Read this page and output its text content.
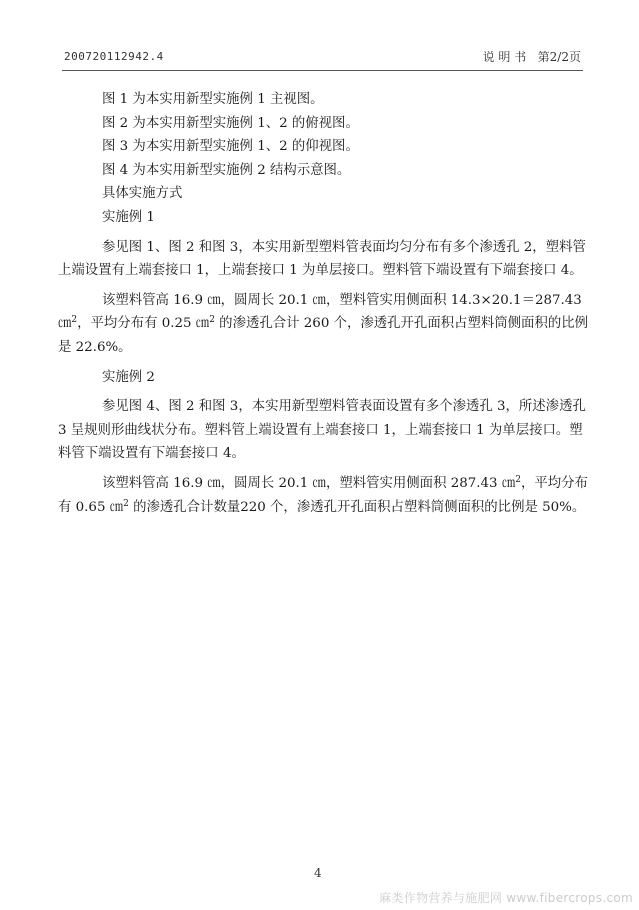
200720112942.4	说 明 书 第2/2页

图 1 为本实用新型实施例 1 主视图。

图 2 为本实用新型实施例 1、2 的俯视图。

图 3 为本实用新型实施例 1、2 的仰视图。

图 4 为本实用新型实施例 2 结构示意图。

具体实施方式

实施例 1

参见图 1、图 2 和图 3，本实用新型塑料管表面均匀分布有多个渗透孔 2，塑料管上端设置有上端套接口 1，上端套接口 1 为单层接口。塑料管下端设置有下端套接口 4。

该塑料管高 16.9 ㎝，圆周长 20.1 ㎝，塑料管实用侧面积 14.3×20.1＝287.43 ㎝$^2$，平均分布有 0.25 ㎝$^2$ 的渗透孔合计 260 个，渗透孔开孔面积占塑料筒侧面积的比例是 22.6%。

实施例 2

参见图 4、图 2 和图 3，本实用新型塑料管表面设置有多个渗透孔 3，所述渗透孔 3 呈规则形曲线状分布。塑料管上端设置有上端套接口 1，上端套接口 1 为单层接口。塑料管下端设置有下端套接口 4。

该塑料管高 16.9 ㎝，圆周长 20.1 ㎝，塑料管实用侧面积 287.43 ㎝$^2$，平均分布有 0.65 ㎝$^2$ 的渗透孔合计数量220 个，渗透孔开孔面积占塑料筒侧面积的比例是 50%。

4
麻类作物营养与施肥网 www.fibercrops.com
